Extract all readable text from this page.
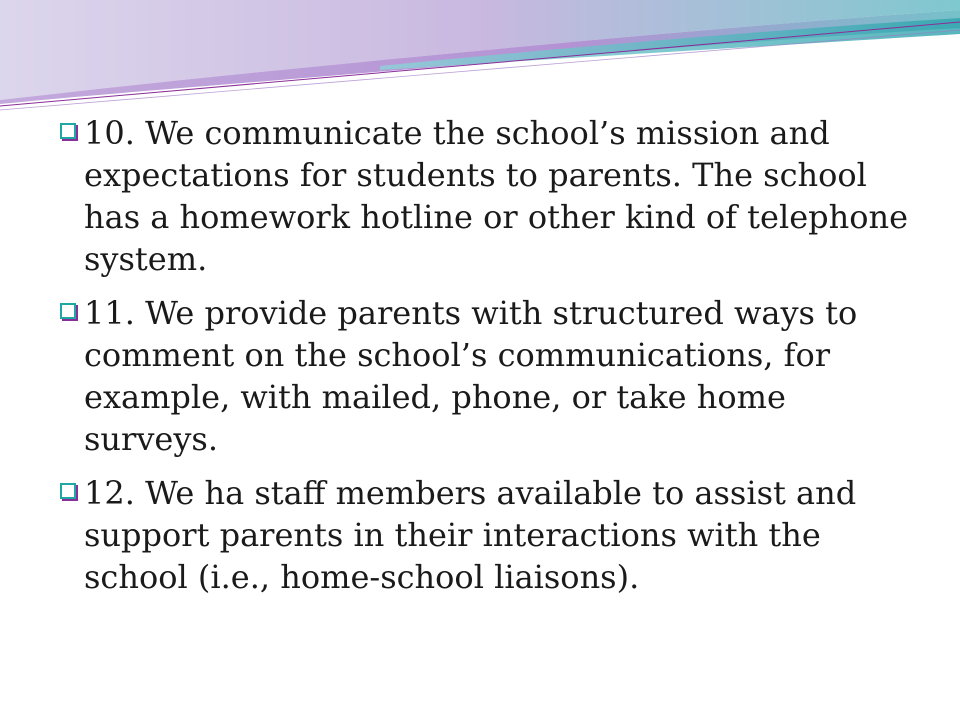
10. We communicate the school’s mission and expectations for students to parents. The school has a homework hotline or other kind of telephone system.
11. We provide parents with structured ways to comment on the school’s communications, for example, with mailed, phone, or take home surveys.
12. We ha staff members available to assist and support parents in their interactions with the school (i.e., home-school liaisons).
